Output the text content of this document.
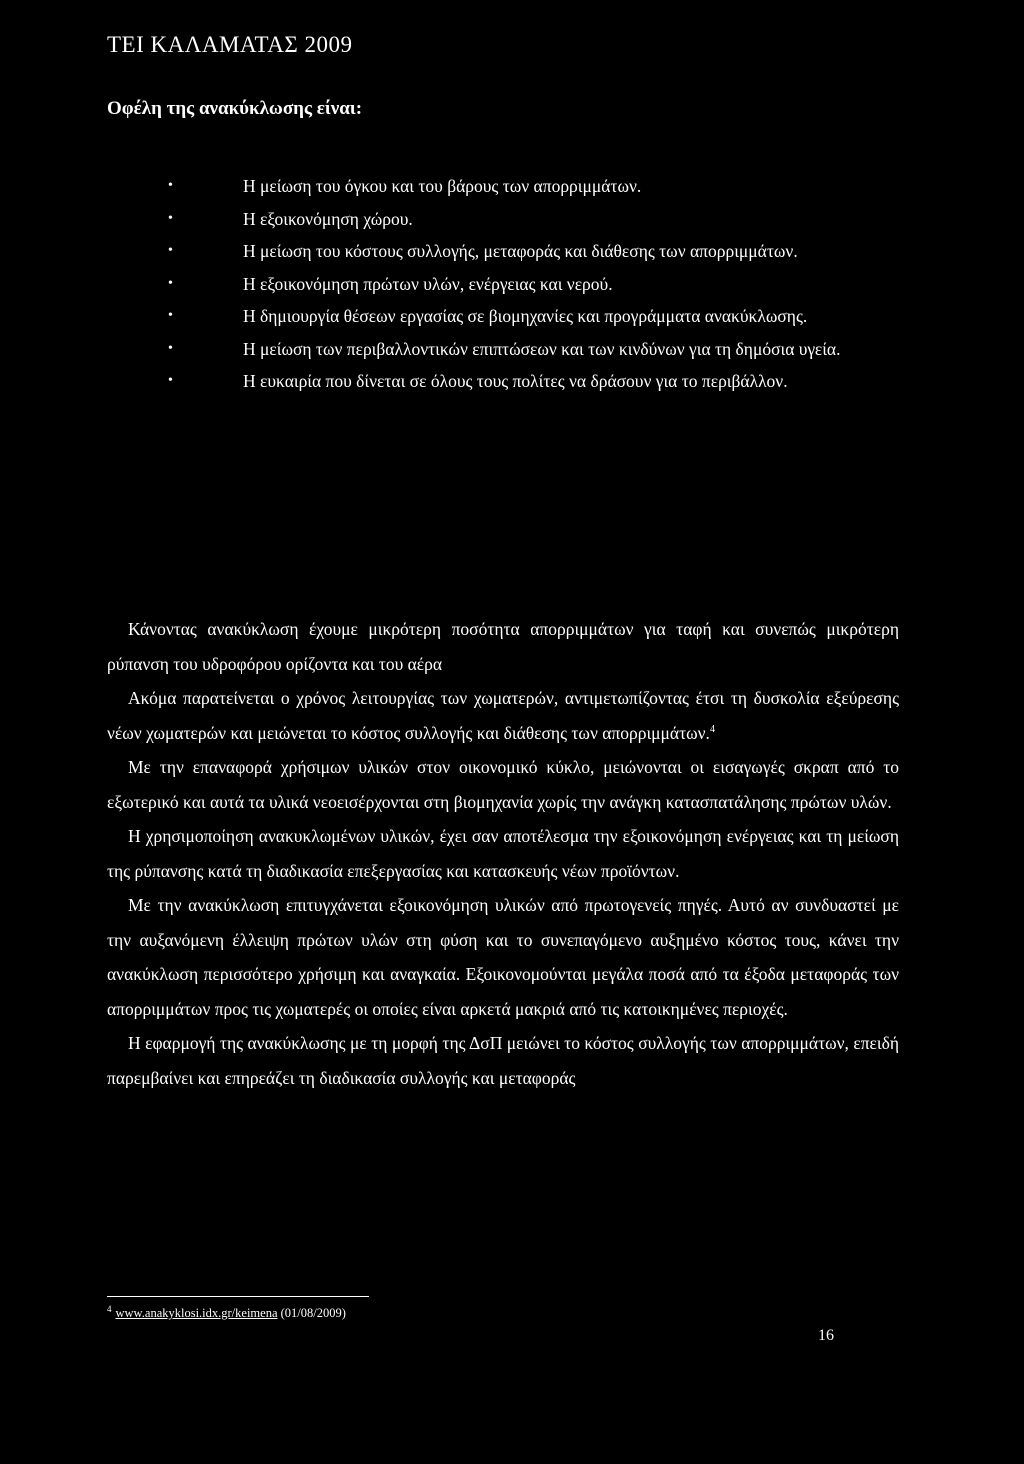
ΤΕΙ ΚΑΛΑΜΑΤΑΣ 2009
Οφέλη της ανακύκλωσης είναι:
•	Η μείωση του όγκου και του βάρους των απορριμμάτων.
•	Η εξοικονόμηση χώρου.
•	Η μείωση του κόστους συλλογής, μεταφοράς και διάθεσης των απορριμμάτων.
•	Η εξοικονόμηση πρώτων υλών, ενέργειας και νερού.
•	Η δημιουργία θέσεων εργασίας σε βιομηχανίες και προγράμματα ανακύκλωσης.
•	Η μείωση των περιβαλλοντικών επιπτώσεων και των κινδύνων για τη δημόσια υγεία.
•	Η ευκαιρία που δίνεται σε όλους τους πολίτες να δράσουν για το περιβάλλον.

Κάνοντας ανακύκλωση έχουμε μικρότερη ποσότητα απορριμμάτων για ταφή και συνεπώς μικρότερη ρύπανση του υδροφόρου ορίζοντα και του αέρα

Ακόμα παρατείνεται ο χρόνος λειτουργίας των χωματερών, αντιμετωπίζοντας έτσι τη δυσκολία εξεύρεσης νέων χωματερών και μειώνεται το κόστος συλλογής και διάθεσης των απορριμμάτων.$^4$

Με την επαναφορά χρήσιμων υλικών στον οικονομικό κύκλο, μειώνονται οι εισαγωγές σκραπ από το εξωτερικό και αυτά τα υλικά νεοεισέρχονται στη βιομηχανία χωρίς την ανάγκη κατασπατάλησης πρώτων υλών.

Η χρησιμοποίηση ανακυκλωμένων υλικών, έχει σαν αποτέλεσμα την εξοικονόμηση ενέργειας και τη μείωση της ρύπανσης κατά τη διαδικασία επεξεργασίας και κατασκευής νέων προϊόντων.

Με την ανακύκλωση επιτυγχάνεται εξοικονόμηση υλικών από πρωτογενείς πηγές. Αυτό αν συνδυαστεί με την αυξανόμενη έλλειψη πρώτων υλών στη φύση και το συνεπαγόμενο αυξημένο κόστος τους, κάνει την ανακύκλωση περισσότερο χρήσιμη και αναγκαία. Εξοικονομούνται μεγάλα ποσά από τα έξοδα μεταφοράς των απορριμμάτων προς τις χωματερές οι οποίες είναι αρκετά μακριά από τις κατοικημένες περιοχές.

Η εφαρμογή της ανακύκλωσης με τη μορφή της ΔσΠ μειώνει το κόστος συλλογής των απορριμμάτων, επειδή παρεμβαίνει και επηρεάζει τη διαδικασία συλλογής και μεταφοράς

$^4$ www.anakyklosi.idx.gr/keimena (01/08/2009)
16
